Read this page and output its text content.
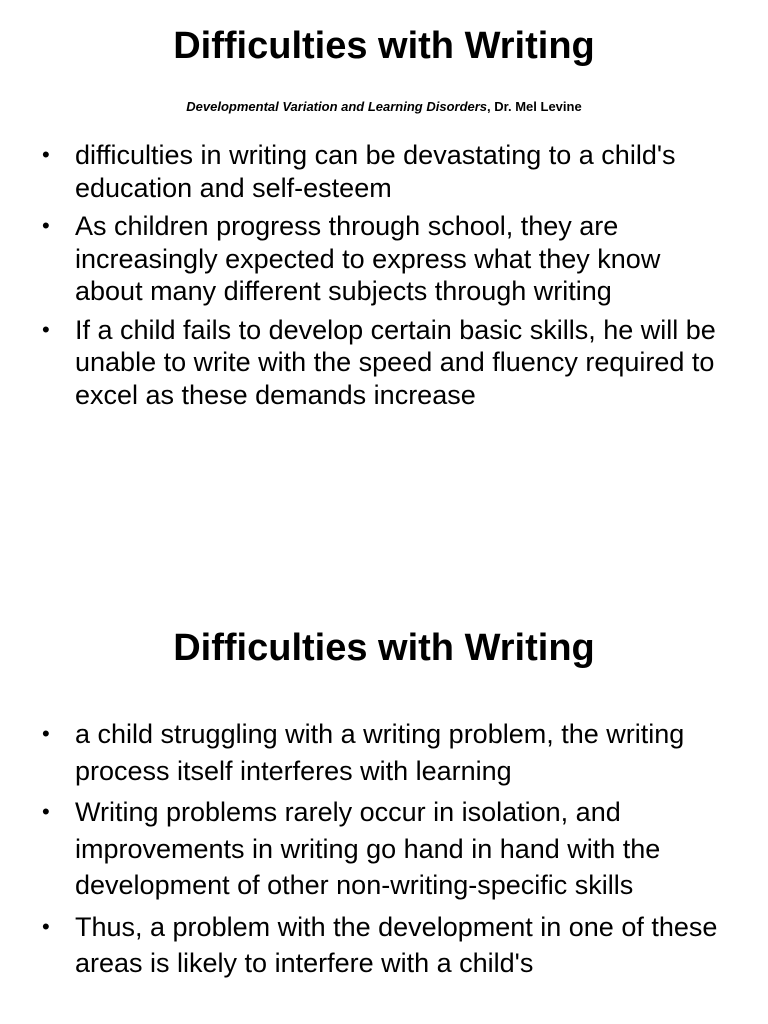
Difficulties with Writing
Developmental Variation and Learning Disorders, Dr. Mel Levine
• difficulties in writing can be devastating to a child's education and self-esteem
• As children progress through school, they are increasingly expected to express what they know about many different subjects through writing
• If a child fails to develop certain basic skills, he will be unable to write with the speed and fluency required to excel as these demands increase
Difficulties with Writing
• a child struggling with a writing problem, the writing process itself interferes with learning
• Writing problems rarely occur in isolation, and improvements in writing go hand in hand with the development of other non-writing-specific skills
• Thus, a problem with the development in one of these areas is likely to interfere with a child's
